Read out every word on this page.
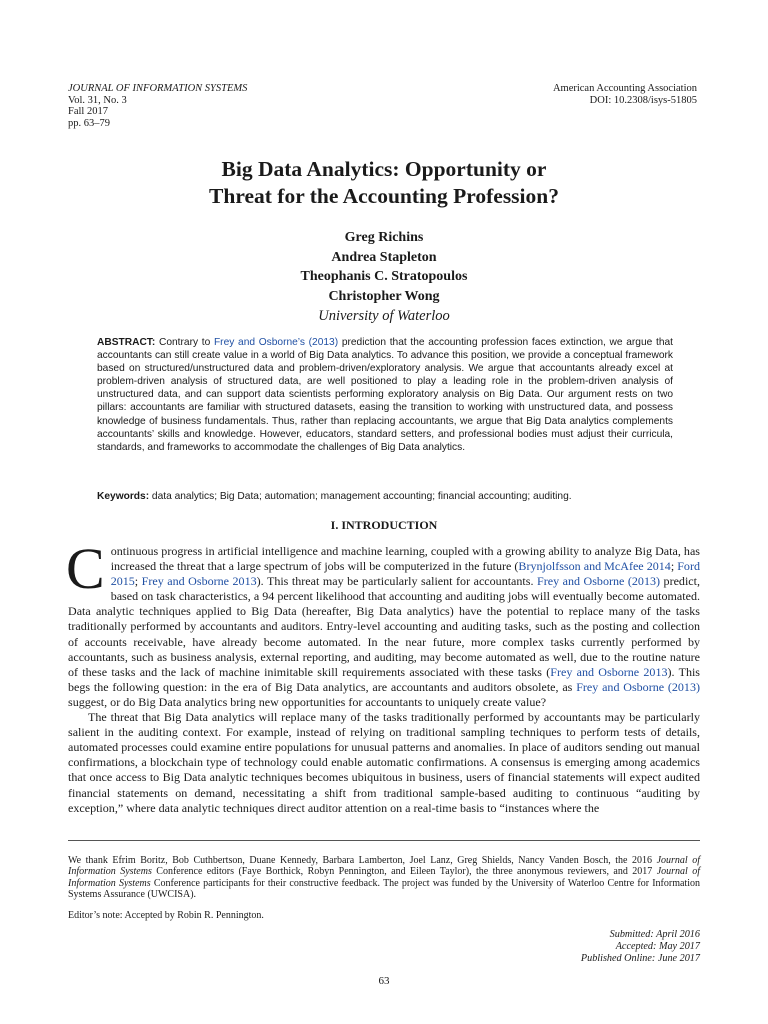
JOURNAL OF INFORMATION SYSTEMS
Vol. 31, No. 3
Fall 2017
pp. 63–79
American Accounting Association
DOI: 10.2308/isys-51805
Big Data Analytics: Opportunity or
Threat for the Accounting Profession?
Greg Richins
Andrea Stapleton
Theophanis C. Stratopoulos
Christopher Wong
University of Waterloo
ABSTRACT: Contrary to Frey and Osborne’s (2013) prediction that the accounting profession faces extinction, we argue that accountants can still create value in a world of Big Data analytics. To advance this position, we provide a conceptual framework based on structured/unstructured data and problem-driven/exploratory analysis. We argue that accountants already excel at problem-driven analysis of structured data, are well positioned to play a leading role in the problem-driven analysis of unstructured data, and can support data scientists performing exploratory analysis on Big Data. Our argument rests on two pillars: accountants are familiar with structured datasets, easing the transition to working with unstructured data, and possess knowledge of business fundamentals. Thus, rather than replacing accountants, we argue that Big Data analytics complements accountants’ skills and knowledge. However, educators, standard setters, and professional bodies must adjust their curricula, standards, and frameworks to accommodate the challenges of Big Data analytics.
Keywords: data analytics; Big Data; automation; management accounting; financial accounting; auditing.
I. INTRODUCTION

Continuous progress in artificial intelligence and machine learning, coupled with a growing ability to analyze Big Data, has increased the threat that a large spectrum of jobs will be computerized in the future (Brynjolfsson and McAfee 2014; Ford 2015; Frey and Osborne 2013). This threat may be particularly salient for accountants. Frey and Osborne (2013) predict, based on task characteristics, a 94 percent likelihood that accounting and auditing jobs will eventually become automated. Data analytic techniques applied to Big Data (hereafter, Big Data analytics) have the potential to replace many of the tasks traditionally performed by accountants and auditors. Entry-level accounting and auditing tasks, such as the posting and collection of accounts receivable, have already become automated. In the near future, more complex tasks currently performed by accountants, such as business analysis, external reporting, and auditing, may become automated as well, due to the routine nature of these tasks and the lack of machine inimitable skill requirements associated with these tasks (Frey and Osborne 2013). This begs the following question: in the era of Big Data analytics, are accountants and auditors obsolete, as Frey and Osborne (2013) suggest, or do Big Data analytics bring new opportunities for accountants to uniquely create value?

The threat that Big Data analytics will replace many of the tasks traditionally performed by accountants may be particularly salient in the auditing context. For example, instead of relying on traditional sampling techniques to perform tests of details, automated processes could examine entire populations for unusual patterns and anomalies. In place of auditors sending out manual confirmations, a blockchain type of technology could enable automatic confirmations. A consensus is emerging among academics that once access to Big Data analytic techniques becomes ubiquitous in business, users of financial statements will expect audited financial statements on demand, necessitating a shift from traditional sample-based auditing to continuous “auditing by exception,” where data analytic techniques direct auditor attention on a real-time basis to “instances where the

We thank Efrim Boritz, Bob Cuthbertson, Duane Kennedy, Barbara Lamberton, Joel Lanz, Greg Shields, Nancy Vanden Bosch, the 2016 Journal of Information Systems Conference editors (Faye Borthick, Robyn Pennington, and Eileen Taylor), the three anonymous reviewers, and 2017 Journal of Information Systems Conference participants for their constructive feedback. The project was funded by the University of Waterloo Centre for Information Systems Assurance (UWCISA).
Editor’s note: Accepted by Robin R. Pennington.
Submitted: April 2016
Accepted: May 2017
Published Online: June 2017
63
